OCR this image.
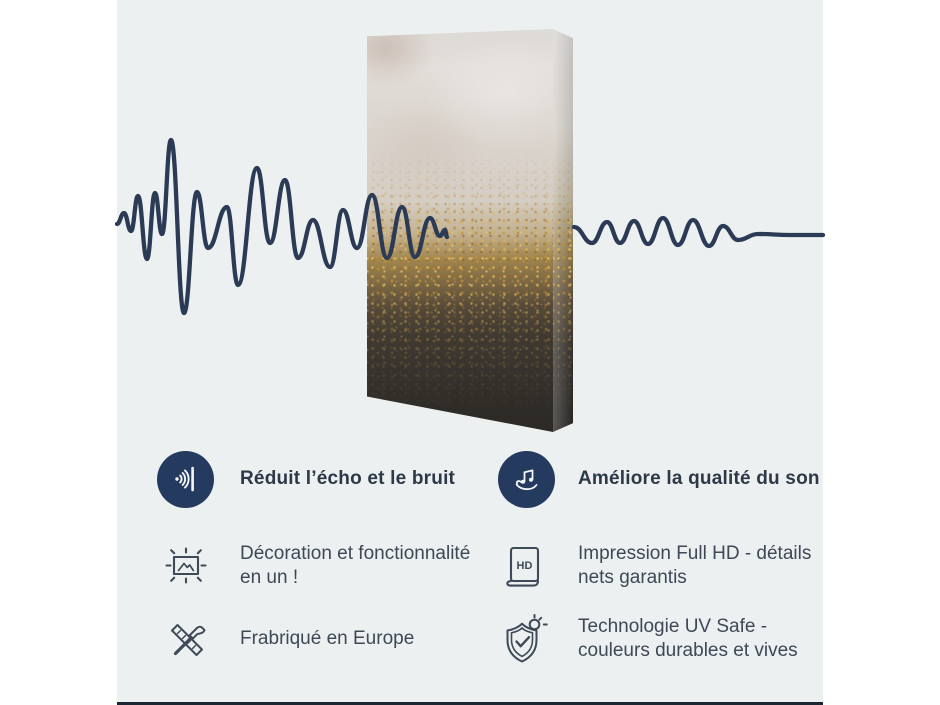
Réduit l’écho et le bruit	Améliore la qualité du son
Décoration et fonctionnalité
en un !
HD
Impression Full HD - détails
nets garantis
Frabriqué en Europe
Technologie UV Safe -
couleurs durables et vives
